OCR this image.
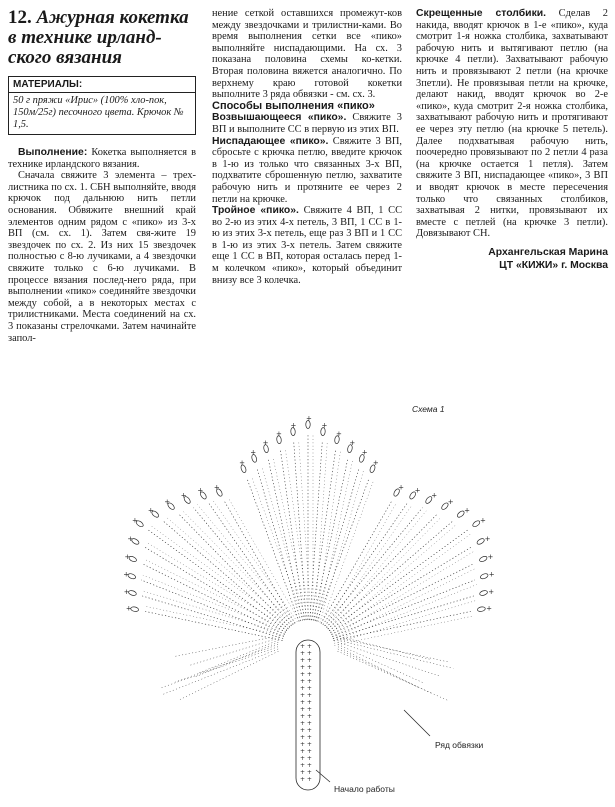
12. Ажурная кокетка в технике ирланд-ского вязания
МАТЕРИАЛЫ:
50 г пряжи «Ирис» (100% хло-пок, 150м/25г) песочного цвета. Крючок № 1,5.

Выполнение: Кокетка выполняется в технике ирландского вязания.

Сначала свяжите 3 элемента – трех-листника по сх. 1. СБН выполняйте, вводя крючок под дальнюю нить петли основания. Обвяжите внешний край элементов одним рядом с «пико» из 3-х ВП (см. сх. 1). Затем свя-жите 19 звездочек по сх. 2. Из них 15 звездочек полностью с 8-ю лучиками, а 4 звездочки свяжите только с 6-ю лучиками. В процессе вязания послед-него ряда, при выполнении «пико» соединяйте звездочки между собой, а в некоторых местах с трилистниками. Места соединений на сх. 3 показаны стрелочками. Затем начинайте запол-

нение сеткой оставшихся промежут-ков между звездочками и трилистни-ками. Во время выполнения сетки все «пико» выполняйте ниспадающими. На сх. 3 показана половина схемы ко-кетки. Вторая половина вяжется аналогично. По верхнему краю готовой кокетки выполните 3 ряда обвязки - см. сх. 3.

Способы выполнения «пико»

Возвышающееся «пико». Свяжите 3 ВП и выполните СС в первую из этих ВП.

Ниспадающее «пико». Свяжите 3 ВП, сбросьте с крючка петлю, введите крючок в 1-ю из только что связанных 3-х ВП, подхватите сброшенную петлю, захватите рабочую нить и протяните ее через 2 петли на крючке.

Тройное «пико». Свяжите 4 ВП, 1 СС во 2-ю из этих 4-х петель, 3 ВП, 1 СС в 1-ю из этих 3-х петель, еще раз 3 ВП и 1 СС в 1-ю из этих 3-х петель. Затем свяжите еще 1 СС в ВП, которая осталась перед 1-м колечком «пико», который объединит внизу все 3 колечка.

Скрещенные столбики. Сделав 2 накида, вводят крючок в 1-е «пико», куда смотрит 1-я ножка столбика, захватывают рабочую нить и вытягивают петлю (на крючке 4 петли). Захватывают рабочую нить и провязывают 2 петли (на крючке 3петли). Не провязывая петли на крючке, делают накид, вводят крючок во 2-е «пико», куда смотрит 2-я ножка столбика, захватывают рабочую нить и протягивают ее через эту петлю (на крючке 5 петель). Далее подхватывая рабочую нить, поочередно провязывают по 2 петли 4 раза (на крючке остается 1 петля). Затем свяжите 3 ВП, ниспадающее «пико», 3 ВП и вводят крючок в месте пересечения только что связанных столбиков, захватывая 2 нитки, провязывают их вместе с петлей (на крючке 3 петли). Довязывают СН.

Архангельская Марина
ЦТ «КИЖИ» г. Москва
Схема 1
+
+
+
+
+
+
+
+
+
+ +
+
+
+
+
+
+
+
+
+
+
+
+ +
+
+
+
+
+
+
+
+
+
+ +
+ +
+ +
+ +
+ +
+ +
+ +
+ +
+ +
+ +
+ +
+ +
+ +
+ +
+ +
+ +
+ +
+ +
+ +
+ +
Ряд обвязки
Начало работы
